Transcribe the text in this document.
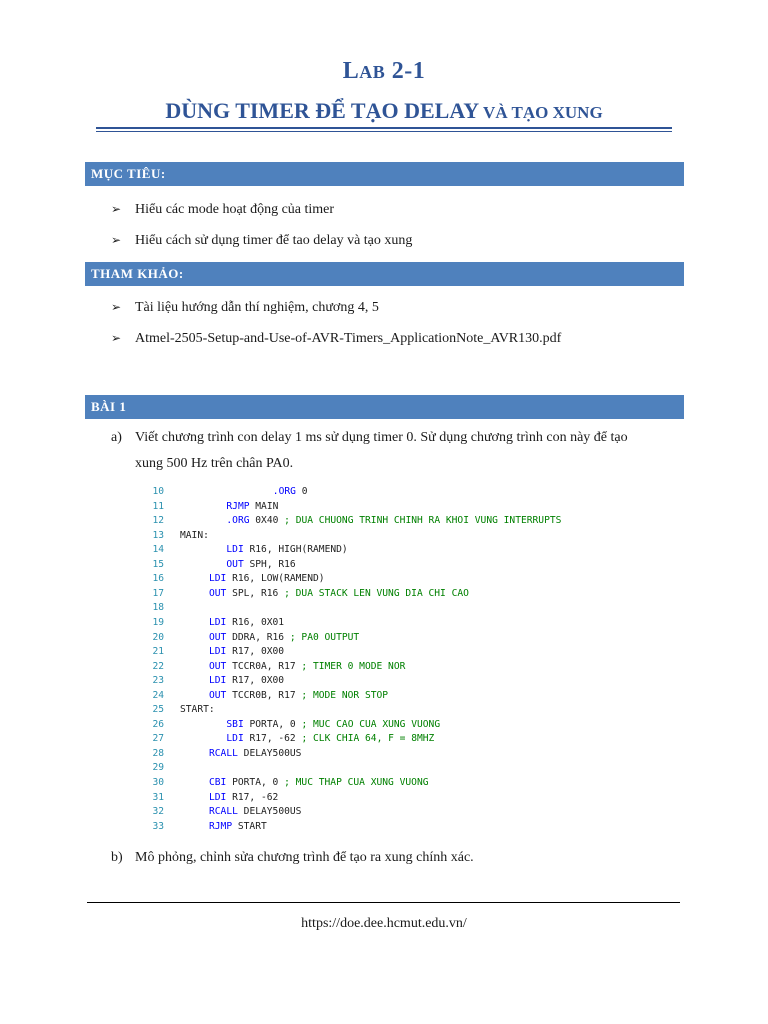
LAB 2-1
DÙNG TIMER ĐỂ TẠO DELAY VÀ TẠO XUNG
MỤC TIÊU:
➢ Hiểu các mode hoạt động của timer
➢ Hiểu cách sử dụng timer để tao delay và tạo xung
THAM KHẢO:
➢ Tài liệu hướng dẫn thí nghiệm, chương 4, 5
➢ Atmel-2505-Setup-and-Use-of-AVR-Timers_ApplicationNote_AVR130.pdf
BÀI 1
a) Viết chương trình con delay 1 ms sử dụng timer 0. Sử dụng chương trình con này để tạo
xung 500 Hz trên chân PA0.
10	.ORG 0
11	RJMP MAIN
12	.ORG 0X40 ; DUA CHUONG TRINH CHINH RA KHOI VUNG INTERRUPTS
13 MAIN:
14	LDI R16, HIGH(RAMEND)
15	OUT SPH, R16
16	LDI R16, LOW(RAMEND)
17	OUT SPL, R16 ; DUA STACK LEN VUNG DIA CHI CAO
18
19	LDI R16, 0X01
20	OUT DDRA, R16 ; PA0 OUTPUT
21	LDI R17, 0X00
22	OUT TCCR0A, R17 ; TIMER 0 MODE NOR
23	LDI R17, 0X00
24	OUT TCCR0B, R17 ; MODE NOR STOP
25 START:
26	SBI PORTA, 0 ; MUC CAO CUA XUNG VUONG
27	LDI R17, -62 ; CLK CHIA 64, F = 8MHZ
28	RCALL DELAY500US
29
30	CBI PORTA, 0 ; MUC THAP CUA XUNG VUONG
31	LDI R17, -62
32	RCALL DELAY500US
33	RJMP START
b) Mô phỏng, chỉnh sửa chương trình để tạo ra xung chính xác.
https://doe.dee.hcmut.edu.vn/
